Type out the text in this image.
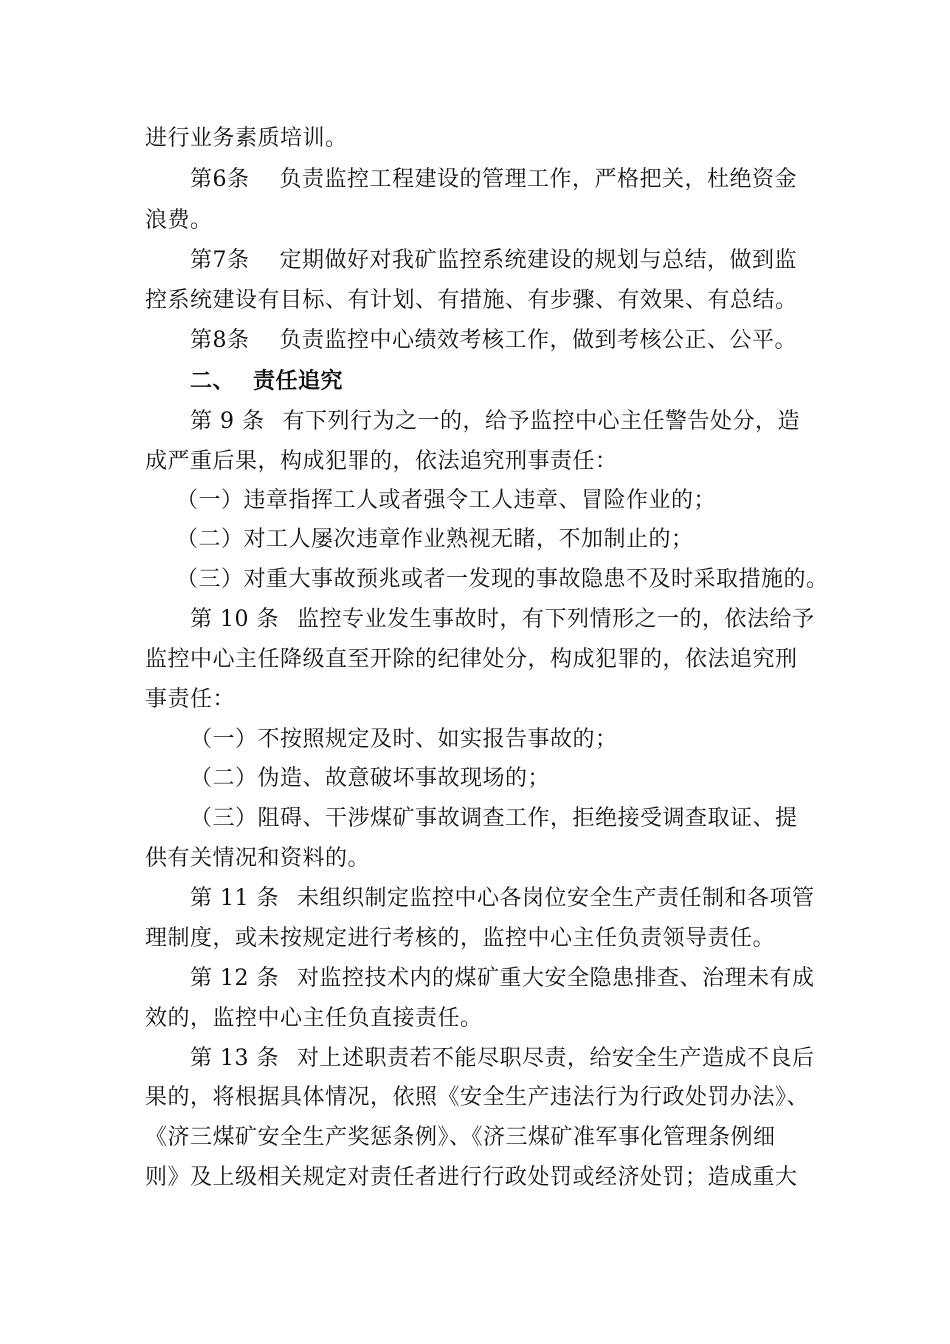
进行业务素质培训。
第6条 负责监控工程建设的管理工作，严格把关，杜绝资金
浪费。
第7条 定期做好对我矿监控系统建设的规划与总结，做到监
控系统建设有目标、有计划、有措施、有步骤、有效果、有总结。
第8条 负责监控中心绩效考核工作，做到考核公正、公平。
二、 责任追究
第 9 条 有下列行为之一的，给予监控中心主任警告处分，造
成严重后果，构成犯罪的，依法追究刑事责任：
（一）违章指挥工人或者强令工人违章、冒险作业的；
（二）对工人屡次违章作业熟视无睹，不加制止的；
（三）对重大事故预兆或者一发现的事故隐患不及时采取措施的。
第 10 条 监控专业发生事故时，有下列情形之一的，依法给予
监控中心主任降级直至开除的纪律处分，构成犯罪的，依法追究刑
事责任：
（一）不按照规定及时、如实报告事故的；
（二）伪造、故意破坏事故现场的；
（三）阻碍、干涉煤矿事故调查工作，拒绝接受调查取证、提
供有关情况和资料的。
第 11 条 未组织制定监控中心各岗位安全生产责任制和各项管
理制度，或未按规定进行考核的，监控中心主任负责领导责任。
第 12 条 对监控技术内的煤矿重大安全隐患排查、治理未有成
效的，监控中心主任负直接责任。
第 13 条 对上述职责若不能尽职尽责，给安全生产造成不良后
果的，将根据具体情况，依照《安全生产违法行为行政处罚办法》、
《济三煤矿安全生产奖惩条例》、《济三煤矿准军事化管理条例细
则》及上级相关规定对责任者进行行政处罚或经济处罚；造成重大
